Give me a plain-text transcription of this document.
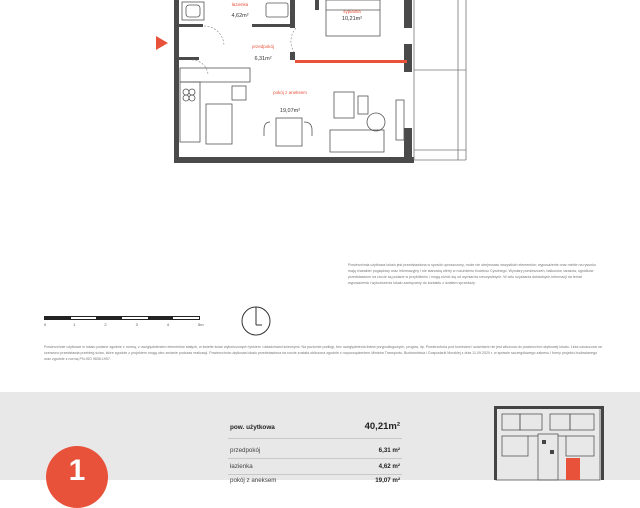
łazienka
4,62m²
sypialnia
10,21m²
przedpokój
6,31m²
pokój z aneksem
19,07m²
Powierzchnia użytkowa lokalu jest przedstawiona w sposób uproszczony, może nie obejmować wszystkich elementów; wyposażenie oraz meble na rysunku mają charakter poglądowy oraz informacyjny i nie stanowią oferty w rozumieniu Kodeksu Cywilnego. Wymiary pomieszczeń, balkonów, tarasów, ogródków przedstawione na rzucie są podane w przybliżeniu i mogą różnić się od wymiarów rzeczywistych. W celu uzyskania dokładnych informacji na temat wyposażenia i wykończenia lokalu zachęcamy do kontaktu z działem sprzedaży.
0	1	2	3	4	5m
Powierzchnie użytkowe w lokalu podane zgodnie z normą, z uwzględnieniem elementów stałych, w świetle ścian wykończonych tynkiem i okładzinami ściennymi. Na poziomie podłogi, bez uwzględnienia listew przypodłogowych, progów, itp. Powierzchnia pod kominami i szachtami nie jest wliczona do powierzchni użytkowej lokalu. Linia oznaczona na czerwono przedstawia przebieg ścian, które zgodnie z projektem mogą ulec zmianie podczas realizacji. Powierzchnia użytkowa lokalu przedstawiona na rzucie została obliczona zgodnie z rozporządzeniem Ministra Transportu, Budownictwa i Gospodarki Morskiej z dnia 11.09.2020 r. w sprawie szczegółowego zakresu i formy projektu budowlanego oraz zgodnie z normą PN-ISO 9836:1997.
1
pow. użytkowa	40,21m²
przedpokój	6,31 m²
łazienka	4,62 m²
pokój z aneksem	19,07 m²
